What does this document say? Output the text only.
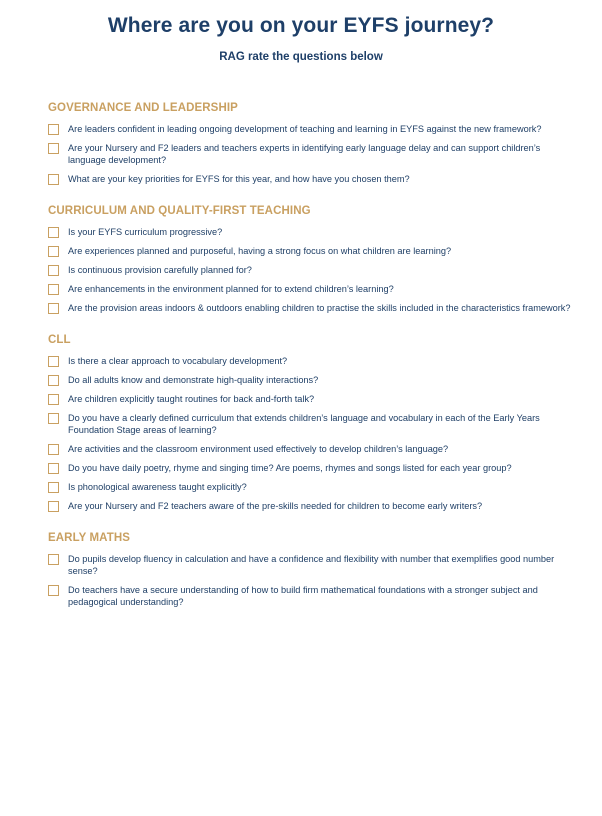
Where are you on your EYFS journey?
RAG rate the questions below
GOVERNANCE AND LEADERSHIP
Are leaders confident in leading ongoing development of teaching and learning in EYFS against the new framework?
Are your Nursery and F2 leaders and teachers experts in identifying early language delay and can support children’s language development?
What are your key priorities for EYFS for this year, and how have you chosen them?
CURRICULUM AND QUALITY-FIRST TEACHING
Is your EYFS curriculum progressive?
Are experiences planned and purposeful, having a strong focus on what children are learning?
Is continuous provision carefully planned for?
Are enhancements in the environment planned for to extend children’s learning?
Are the provision areas indoors & outdoors enabling children to practise the skills included in the characteristics framework?
CLL
Is there a clear approach to vocabulary development?
Do all adults know and demonstrate high-quality interactions?
Are children explicitly taught routines for back and-forth talk?
Do you have a clearly defined curriculum that extends children’s language and vocabulary in each of the Early Years Foundation Stage areas of learning?
Are activities and the classroom environment used effectively to develop children’s language?
Do you have daily poetry, rhyme and singing time? Are poems, rhymes and songs listed for each year group?
Is phonological awareness taught explicitly?
Are your Nursery and F2 teachers aware of the pre-skills needed for children to become early writers?
EARLY MATHS
Do pupils develop fluency in calculation and have a confidence and flexibility with number that exemplifies good number sense?
Do teachers have a secure understanding of how to build firm mathematical foundations with a stronger subject and pedagogical understanding?
